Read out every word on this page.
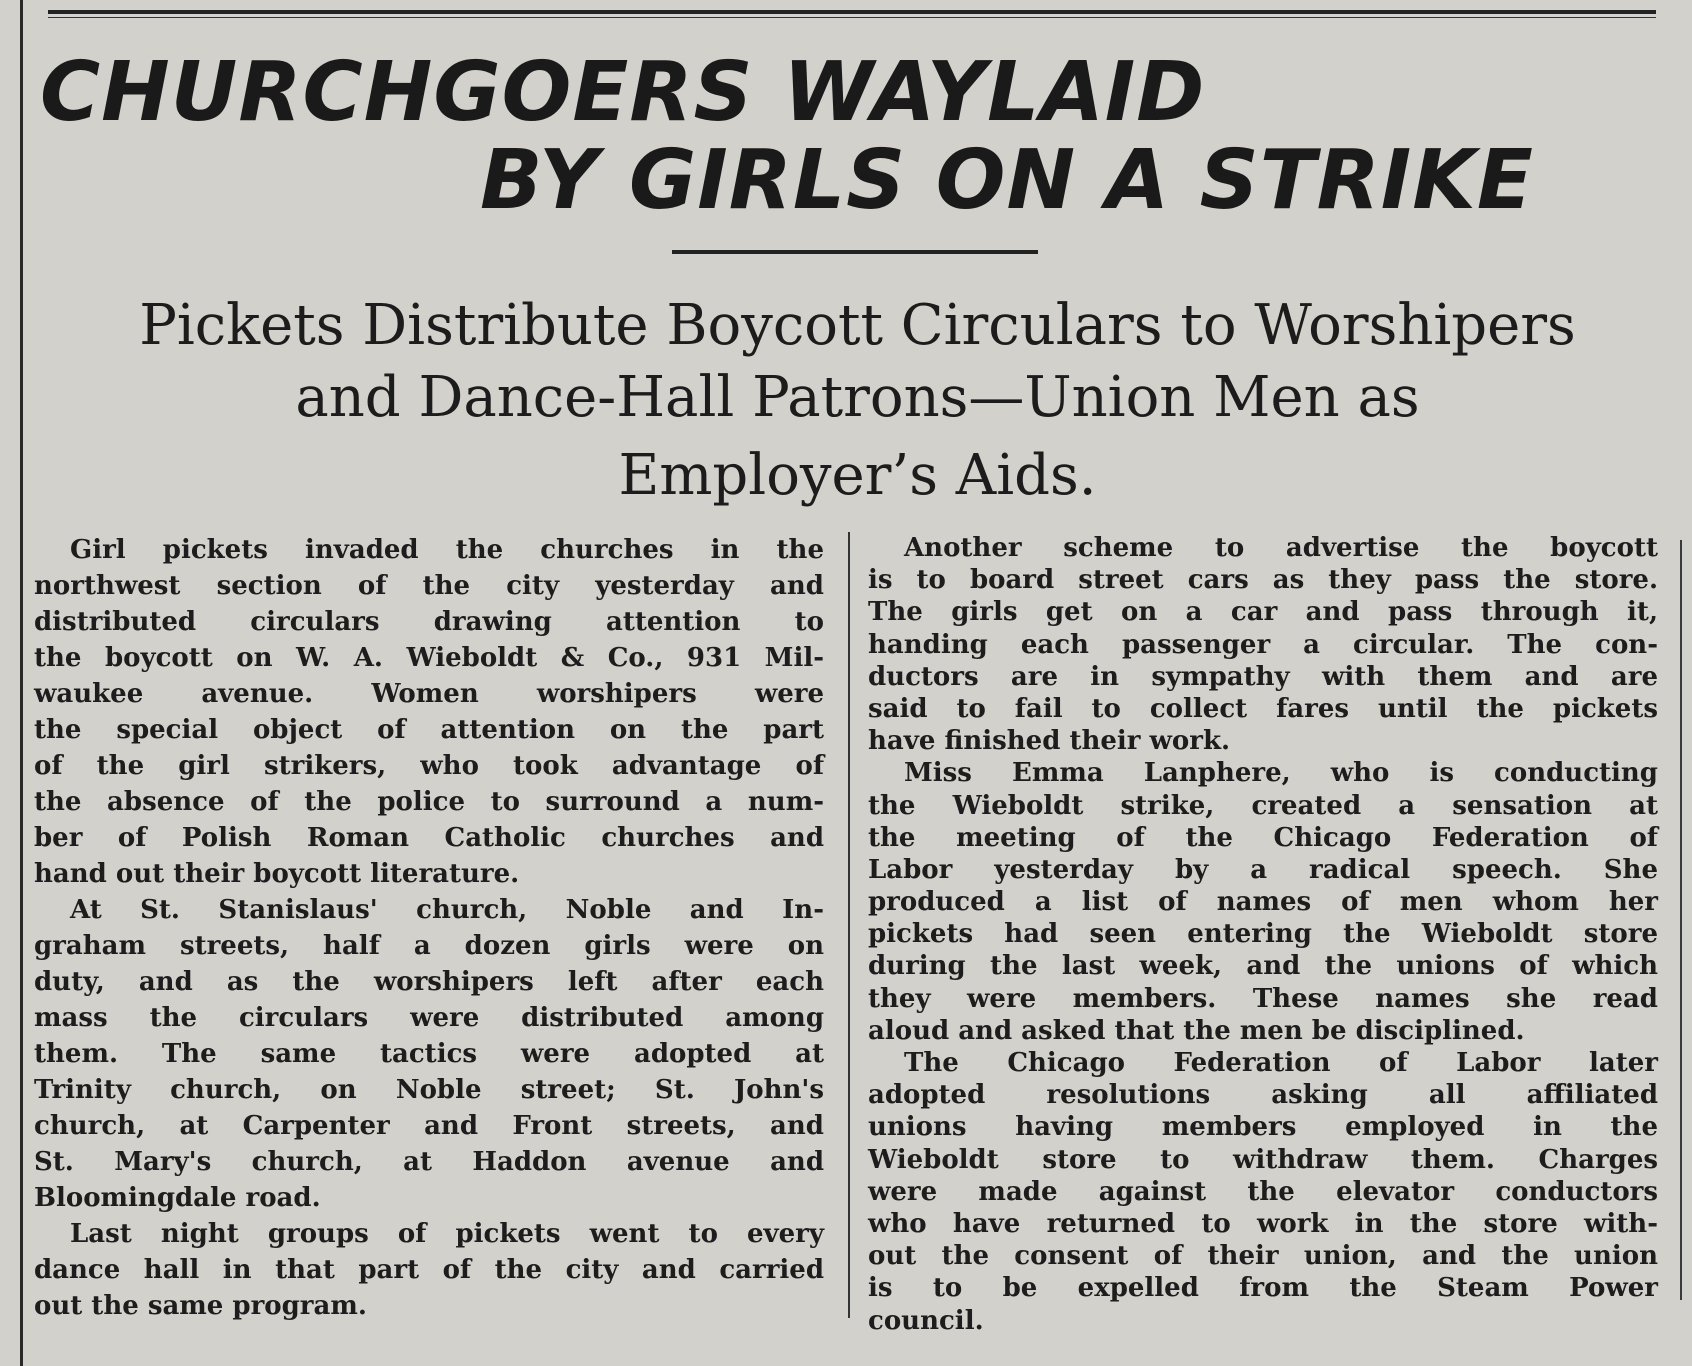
CHURCHGOERS WAYLAID
BY GIRLS ON A STRIKE
Pickets Distribute Boycott Circulars to Worshipers
and Dance-Hall Patrons—Union Men as
Employer’s Aids.
Girl pickets invaded the churches in the
northwest section of the city yesterday and
distributed circulars drawing attention to
the boycott on W. A. Wieboldt & Co., 931 Mil-
waukee avenue. Women worshipers were
the special object of attention on the part
of the girl strikers, who took advantage of
the absence of the police to surround a num-
ber of Polish Roman Catholic churches and
hand out their boycott literature.
At St. Stanislaus' church, Noble and In-
graham streets, half a dozen girls were on
duty, and as the worshipers left after each
mass the circulars were distributed among
them. The same tactics were adopted at
Trinity church, on Noble street; St. John's
church, at Carpenter and Front streets, and
St. Mary's church, at Haddon avenue and
Bloomingdale road.
Last night groups of pickets went to every
dance hall in that part of the city and carried
out the same program.
Another scheme to advertise the boycott
is to board street cars as they pass the store.
The girls get on a car and pass through it,
handing each passenger a circular. The con-
ductors are in sympathy with them and are
said to fail to collect fares until the pickets
have finished their work.
Miss Emma Lanphere, who is conducting
the Wieboldt strike, created a sensation at
the meeting of the Chicago Federation of
Labor yesterday by a radical speech. She
produced a list of names of men whom her
pickets had seen entering the Wieboldt store
during the last week, and the unions of which
they were members. These names she read
aloud and asked that the men be disciplined.
The Chicago Federation of Labor later
adopted resolutions asking all affiliated
unions having members employed in the
Wieboldt store to withdraw them. Charges
were made against the elevator conductors
who have returned to work in the store with-
out the consent of their union, and the union
is to be expelled from the Steam Power
council.
